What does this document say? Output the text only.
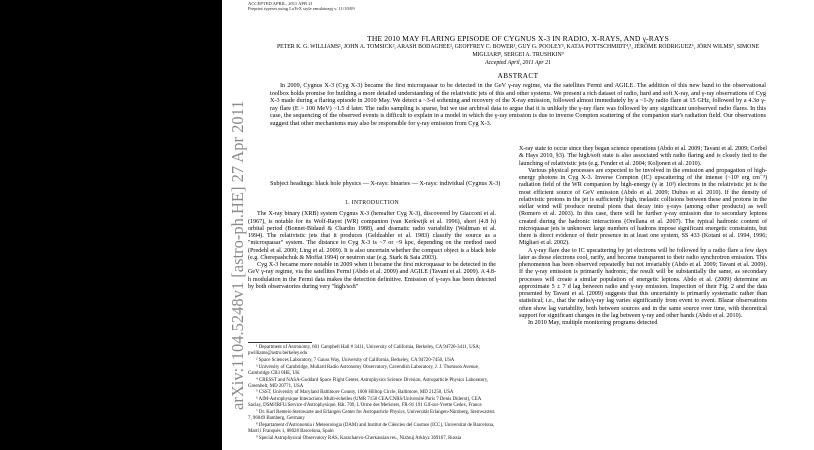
ACCEPTED APRIL, 2011 APR 21
Preprint typeset using LaTeX style emulateapj v. 11/10/09
THE 2010 MAY FLARING EPISODE OF CYGNUS X-3 IN RADIO, X-RAYS, AND γ-RAYS
PETER K. G. WILLIAMS¹, JOHN A. TOMSICK², ARASH BODAGHEE², GEOFFREY C. BOWER¹, GUY G. POOLEY³, KATJA POTTSCHMIDT⁴,⁵, JÉRÔME RODRIGUEZ⁶, JÖRN WILMS⁷, SIMONE MIGLIARI⁸, SERGEI A. TRUSHKIN⁹
Accepted April, 2011 Apr 21
ABSTRACT

In 2009, Cygnus X-3 (Cyg X-3) became the first microquasar to be detected in the GeV γ-ray regime, via the satellites Fermi and AGILE. The addition of this new band to the observational toolbox holds promise for building a more detailed understanding of the relativistic jets of this and other systems. We present a rich dataset of radio, hard and soft X-ray, and γ-ray observations of Cyg X-3 made during a flaring episode in 2010 May. We detect a ~3-d softening and recovery of the X-ray emission, followed almost immediately by a ~1-Jy radio flare at 15 GHz, followed by a 4.3σ γ-ray flare (E > 100 MeV) ~1.5 d later. The radio sampling is sparse, but we use archival data to argue that it is unlikely the γ-ray flare was followed by any significant unobserved radio flares. In this case, the sequencing of the observed events is difficult to explain in a model in which the γ-ray emission is due to inverse Compton scattering of the companion star's radiation field. Our observations suggest that other mechanisms may also be responsible for γ-ray emission from Cyg X-3.

Subject headings: black hole physics — X-rays: binaries — X-rays: individual (Cygnus X-3)

1. INTRODUCTION

The X-ray binary (XRB) system Cygnus X-3 (hereafter Cyg X-3), discovered by Giacconi et al. (1967), is notable for its Wolf-Rayet (WR) companion (van Kerkwijk et al. 1996), short (4.8 h) orbital period (Bonnet-Bidaud & Chardin 1988), and dramatic radio variability (Waltman et al. 1994). The relativistic jets that it produces (Geldzahler et al. 1983) classify the source as a "microquasar" system. The distance to Cyg X-3 is ~7 or ~9 kpc, depending on the method used (Predehl et al. 2000; Ling et al. 2009). It is also uncertain whether the compact object is a black hole (e.g. Cherepashchuk & Moffat 1994) or neutron star (e.g. Stark & Saia 2003).

Cyg X-3 became more notable in 2009 when it became the first microquasar to be detected in the GeV γ-ray regime, via the satellites Fermi (Abdo et al. 2009) and AGILE (Tavani et al. 2009). A 4.8-h modulation in the Fermi data makes the detection definitive. Emission of γ-rays has been detected by both observatories during very "high/soft"

¹ Department of Astronomy, 601 Campbell Hall # 3411, University of California, Berkeley, CA 94720-3411, USA; pwilliams@astro.berkeley.edu

² Space Sciences Laboratory, 7 Gauss Way, University of California, Berkeley, CA 94720-7450, USA

³ University of Cambridge, Mullard Radio Astronomy Observatory, Cavendish Laboratory, J. J. Thomson Avenue, Cambridge CB3 0HE, UK

⁴ CRESST and NASA-Goddard Space Flight Center, Astrophysics Science Division, Astroparticle Physics Laboratory, Greenbelt, MD 20771, USA

⁵ CSST, University of Maryland Baltimore County, 1000 Hilltop Circle, Baltimore, MD 21250, USA

⁶ AIM-Astrophysique Interactions Multi-échelles (UMR 7158 CEA/CNRS/Université Paris 7 Denis Diderot), CEA Saclay, DSM/IRFU/Service d'Astrophysique, Bât. 709, L'Orme des Merisiers, FR-91 191 Gif-sur-Yvette Cedex, France

⁷ Dr. Karl Remeis-Sternwarte and Erlangen Center for Astroparticle Physics, Universität Erlangen-Nürnberg, Sternwartstr. 7, 96049 Bamberg, Germany

⁸ Departament d'Astronomia i Meteorologia (DAM) and Institut de Ciències del Cosmos (ICC), Universitat de Barcelona, Martí i Franquès 1, 08028 Barcelona, Spain

⁹ Special Astrophysical Observatory RAS, Karachaevo-Cherkassian res., Nizhnij Arkhyz 369167, Russia

X-ray state to occur since they began science operations (Abdo et al. 2009; Tavani et al. 2009; Corbel & Hays 2010, §3). The high/soft state is also associated with radio flaring and is closely tied to the launching of relativistic jets (e.g. Fender et al. 2004; Koljonen et al. 2010).

Various physical processes are expected to be involved in the emission and propagation of high-energy photons in Cyg X-3. Inverse Compton (IC) upscattering of the intense (~10⁵ erg cm⁻³) radiation field of the WR companion by high-energy (γ ≳ 10³) electrons in the relativistic jet is the most efficient source of GeV emission (Abdo et al. 2009; Dubus et al. 2010). If the density of relativistic protons in the jet is sufficiently high, inelastic collisions between these and protons in the stellar wind will produce neutral pions that decay into γ-rays (among other products) as well (Romero et al. 2003). In this case, there will be further γ-ray emission due to secondary leptons created during the hadronic interactions (Orellana et al. 2007). The typical hadronic content of microquasar jets is unknown: large numbers of hadrons impose significant energetic constraints, but there is direct evidence of their presence in at least one system, SS 433 (Kotani et al. 1994, 1996; Migliari et al. 2002).

A γ-ray flare due to IC upscattering by jet electrons will be followed by a radio flare a few days later as those electrons cool, rarify, and become transparent to their radio synchrotron emission. This phenomenon has been observed repeatedly but not invariably (Abdo et al. 2009; Tavani et al. 2009). If the γ-ray emission is primarily hadronic, the result will be substantially the same, as secondary processes will create a similar population of energetic leptons. Abdo et al. (2009) determine an approximate 5 ± 7 d lag between radio and γ-ray emission. Inspection of their Fig. 2 and the data presented by Tavani et al. (2009) suggests that this uncertainty is primarily systematic rather than statistical; i.e., that the radio/γ-ray lag varies significantly from event to event. Blazar observations often show lag variability, both between sources and in the same source over time, with theoretical support for significant changes in the lag between γ-ray and other bands (Abdo et al. 2010).

In 2010 May, multiple monitoring programs detected

arXiv:1104.5248v1 [astro-ph.HE] 27 Apr 2011
